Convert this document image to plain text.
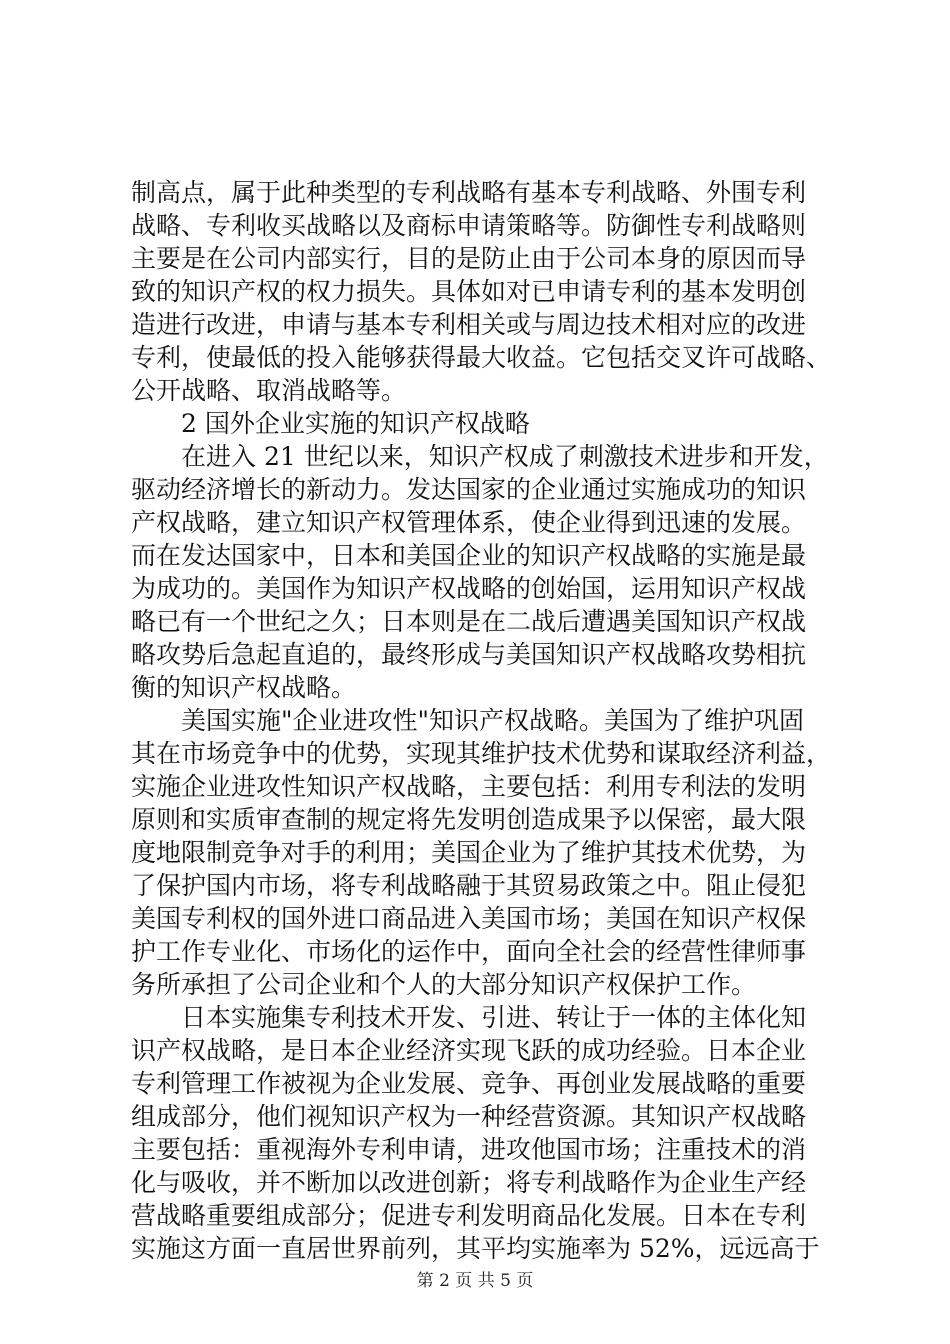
制高点，属于此种类型的专利战略有基本专利战略、外围专利
战略、专利收买战略以及商标申请策略等。防御性专利战略则
主要是在公司内部实行，目的是防止由于公司本身的原因而导
致的知识产权的权力损失。具体如对已申请专利的基本发明创
造进行改进，申请与基本专利相关或与周边技术相对应的改进
专利，使最低的投入能够获得最大收益。它包括交叉许可战略、
公开战略、取消战略等。
　　2 国外企业实施的知识产权战略
　　在进入 21 世纪以来，知识产权成了刺激技术进步和开发，
驱动经济增长的新动力。发达国家的企业通过实施成功的知识
产权战略，建立知识产权管理体系，使企业得到迅速的发展。
而在发达国家中，日本和美国企业的知识产权战略的实施是最
为成功的。美国作为知识产权战略的创始国，运用知识产权战
略已有一个世纪之久；日本则是在二战后遭遇美国知识产权战
略攻势后急起直追的，最终形成与美国知识产权战略攻势相抗
衡的知识产权战略。
　　美国实施"企业进攻性"知识产权战略。美国为了维护巩固
其在市场竞争中的优势，实现其维护技术优势和谋取经济利益，
实施企业进攻性知识产权战略，主要包括：利用专利法的发明
原则和实质审查制的规定将先发明创造成果予以保密，最大限
度地限制竞争对手的利用；美国企业为了维护其技术优势，为
了保护国内市场，将专利战略融于其贸易政策之中。阻止侵犯
美国专利权的国外进口商品进入美国市场；美国在知识产权保
护工作专业化、市场化的运作中，面向全社会的经营性律师事
务所承担了公司企业和个人的大部分知识产权保护工作。
　　日本实施集专利技术开发、引进、转让于一体的主体化知
识产权战略，是日本企业经济实现飞跃的成功经验。日本企业
专利管理工作被视为企业发展、竞争、再创业发展战略的重要
组成部分，他们视知识产权为一种经营资源。其知识产权战略
主要包括：重视海外专利申请，进攻他国市场；注重技术的消
化与吸收，并不断加以改进创新；将专利战略作为企业生产经
营战略重要组成部分；促进专利发明商品化发展。日本在专利
实施这方面一直居世界前列，其平均实施率为 52%，远远高于
第 2 页 共 5 页
